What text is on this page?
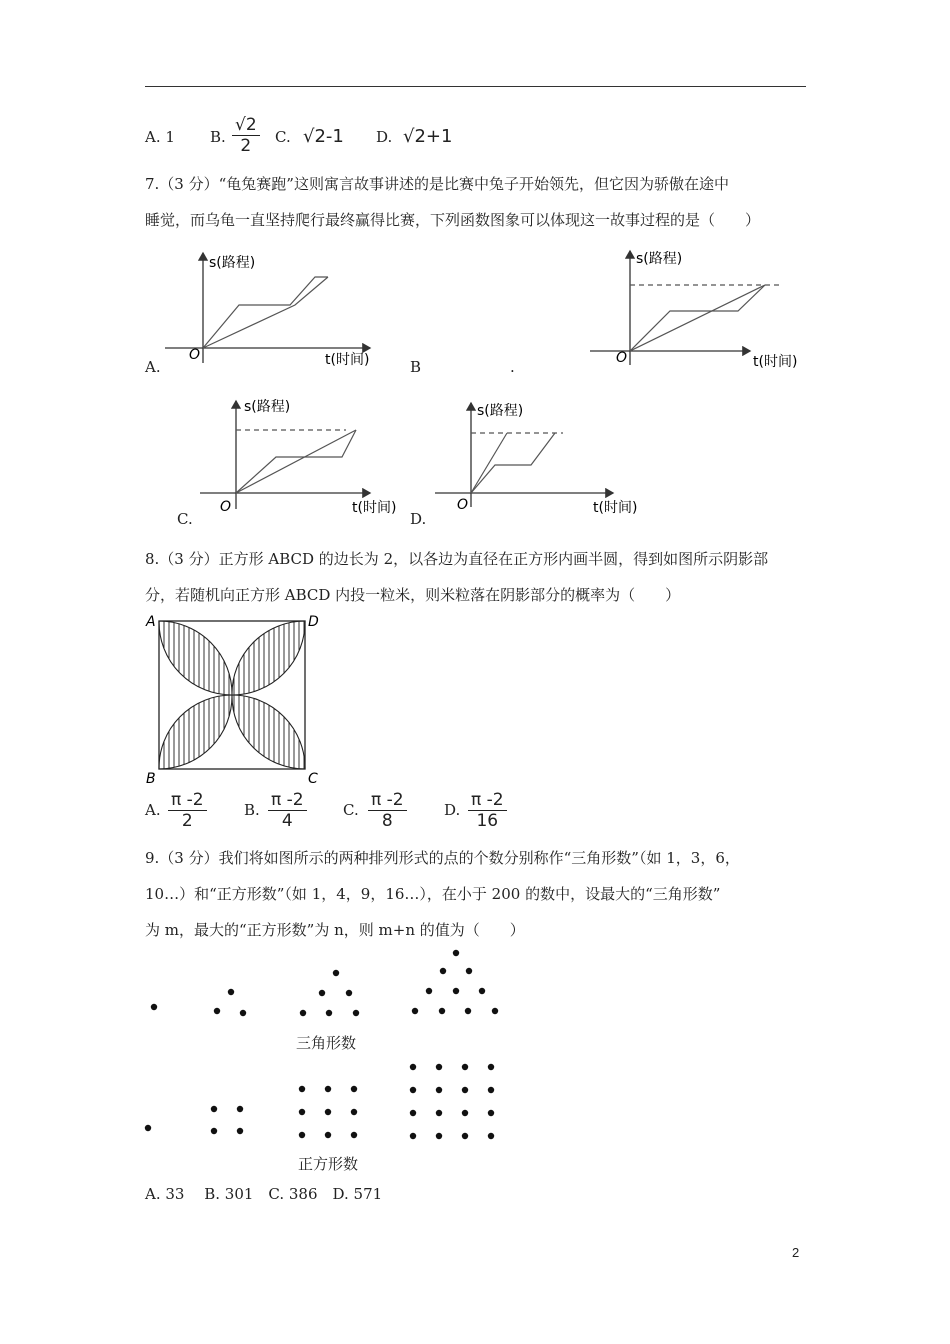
A. 1 B. $\frac{√2}{2} C$. √2-1 D. √2+1
7.（3 分）“龟兔赛跑”这则寓言故事讲述的是比赛中兔子开始领先，但它因为骄傲在途中
睡觉，而乌龟一直坚持爬行最终赢得比赛，下列函数图象可以体现这一故事过程的是（　　）
s(路程)
t(时间)
O
A.	B	.
s(路程)
t(时间)
O
s(路程)
t(时间)
O
C.
s(路程)
t(时间)
O
D.
8.（3 分）正方形 ABCD 的边长为 2，以各边为直径在正方形内画半圆，得到如图所示阴影部
分，若随机向正方形 ABCD 内投一粒米，则米粒落在阴影部分的概率为（　　）
A	D
B	C
A. $\frac{\pi -2}{2} B$. $\frac{\pi -2}{4} C$. $\frac{\pi -2}{8} D$. $\frac{\pi -2}{16}$
9.（3 分）我们将如图所示的两种排列形式的点的个数分别称作“三角形数”（如 1，3，6，
10…）和“正方形数”（如 1，4，9，16…），在小于 200 的数中，设最大的“三角形数”
为 m，最大的“正方形数”为 n，则 m+n 的值为（　　）
三角形数
正方形数
A. 33　 B. 301　C. 386　D. 571
2
